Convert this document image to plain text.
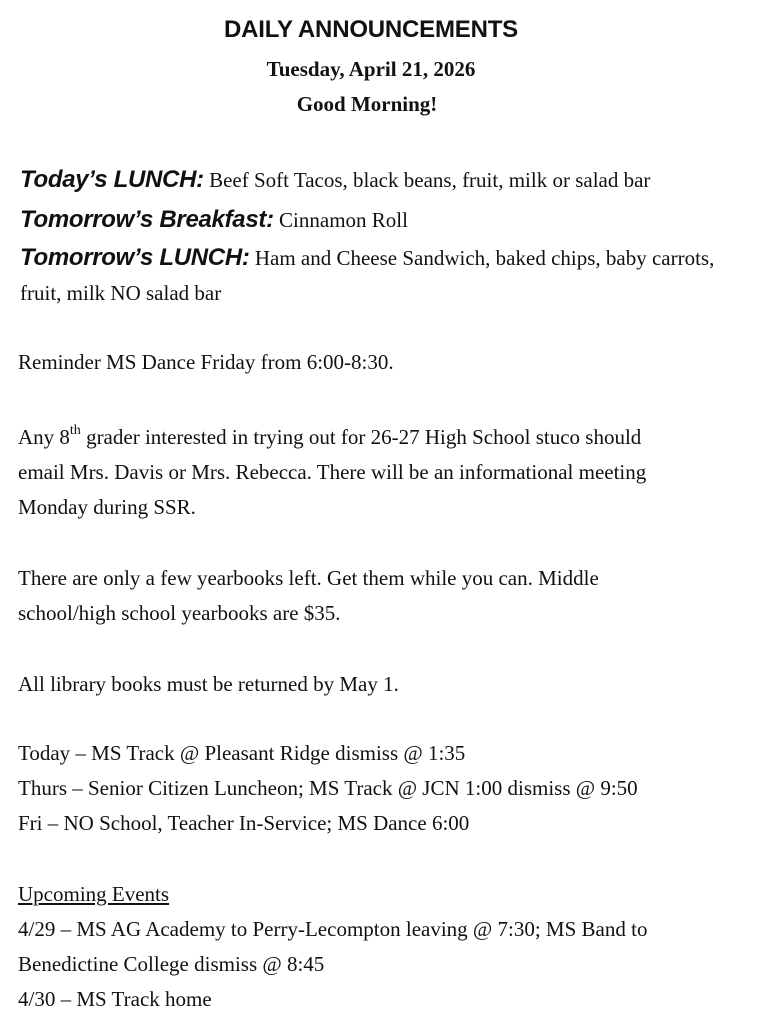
DAILY ANNOUNCEMENTS
Tuesday, April 21, 2026
Good Morning!
Today’s LUNCH: Beef Soft Tacos, black beans, fruit, milk or salad bar
Tomorrow’s Breakfast: Cinnamon Roll
Tomorrow’s LUNCH: Ham and Cheese Sandwich, baked chips, baby carrots, fruit, milk NO salad bar
Reminder MS Dance Friday from 6:00-8:30.
Any 8th grader interested in trying out for 26-27 High School stuco should
email Mrs. Davis or Mrs. Rebecca. There will be an informational meeting
Monday during SSR.
There are only a few yearbooks left. Get them while you can. Middle
school/high school yearbooks are $35.
All library books must be returned by May 1.
Today – MS Track @ Pleasant Ridge dismiss @ 1:35
Thurs – Senior Citizen Luncheon; MS Track @ JCN 1:00 dismiss @ 9:50
Fri – NO School, Teacher In-Service; MS Dance 6:00
Upcoming Events
4/29 – MS AG Academy to Perry-Lecompton leaving @ 7:30; MS Band to
Benedictine College dismiss @ 8:45
4/30 – MS Track home
